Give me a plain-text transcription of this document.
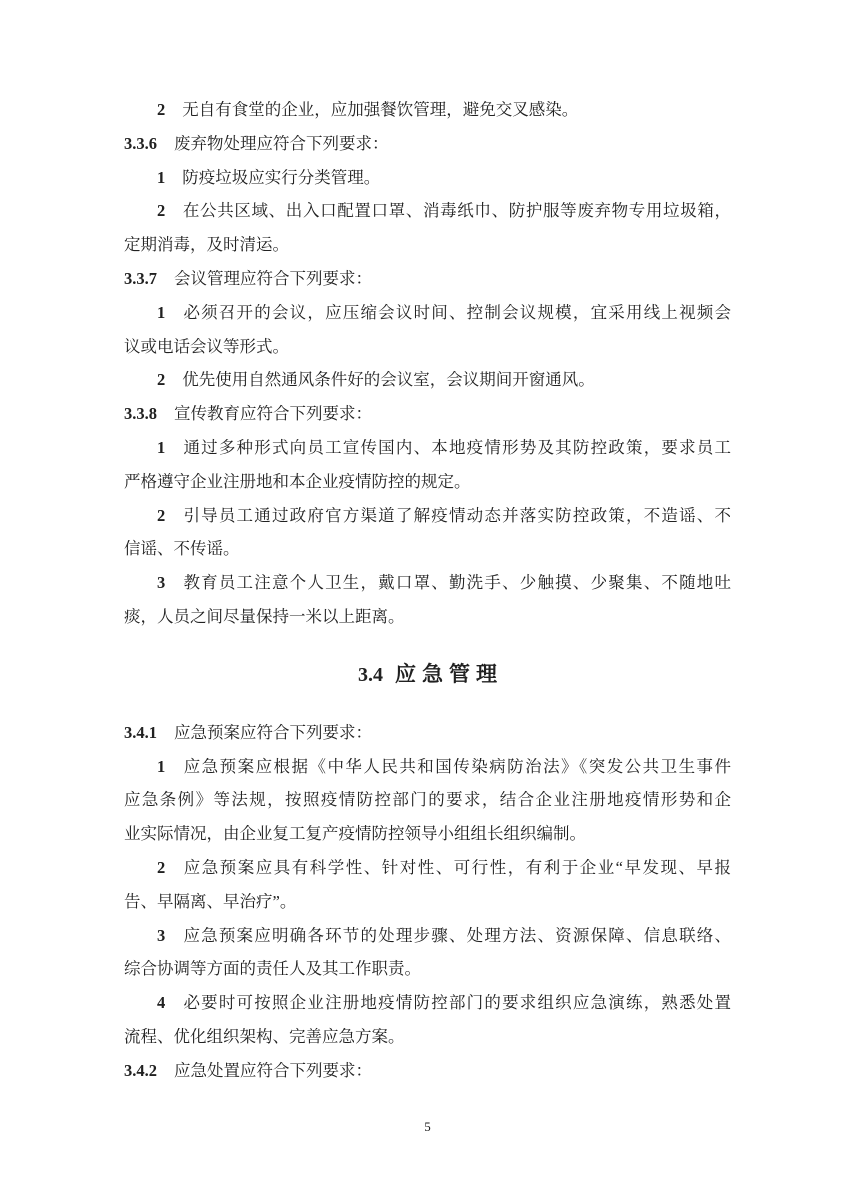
2 无自有食堂的企业，应加强餐饮管理，避免交叉感染。
3.3.6 废弃物处理应符合下列要求：
1 防疫垃圾应实行分类管理。
2 在公共区域、出入口配置口罩、消毒纸巾、防护服等废弃物专用垃圾箱，
定期消毒，及时清运。
3.3.7 会议管理应符合下列要求：
1 必须召开的会议，应压缩会议时间、控制会议规模，宜采用线上视频会
议或电话会议等形式。
2 优先使用自然通风条件好的会议室，会议期间开窗通风。
3.3.8 宣传教育应符合下列要求：
1 通过多种形式向员工宣传国内、本地疫情形势及其防控政策，要求员工
严格遵守企业注册地和本企业疫情防控的规定。
2 引导员工通过政府官方渠道了解疫情动态并落实防控政策，不造谣、不
信谣、不传谣。
3 教育员工注意个人卫生，戴口罩、勤洗手、少触摸、少聚集、不随地吐
痰，人员之间尽量保持一米以上距离。
3.4 应急管理
3.4.1 应急预案应符合下列要求：
1 应急预案应根据《中华人民共和国传染病防治法》《突发公共卫生事件
应急条例》等法规，按照疫情防控部门的要求，结合企业注册地疫情形势和企
业实际情况，由企业复工复产疫情防控领导小组组长组织编制。
2 应急预案应具有科学性、针对性、可行性，有利于企业“早发现、早报
告、早隔离、早治疗”。
3 应急预案应明确各环节的处理步骤、处理方法、资源保障、信息联络、
综合协调等方面的责任人及其工作职责。
4 必要时可按照企业注册地疫情防控部门的要求组织应急演练，熟悉处置
流程、优化组织架构、完善应急方案。
3.4.2 应急处置应符合下列要求：
5
